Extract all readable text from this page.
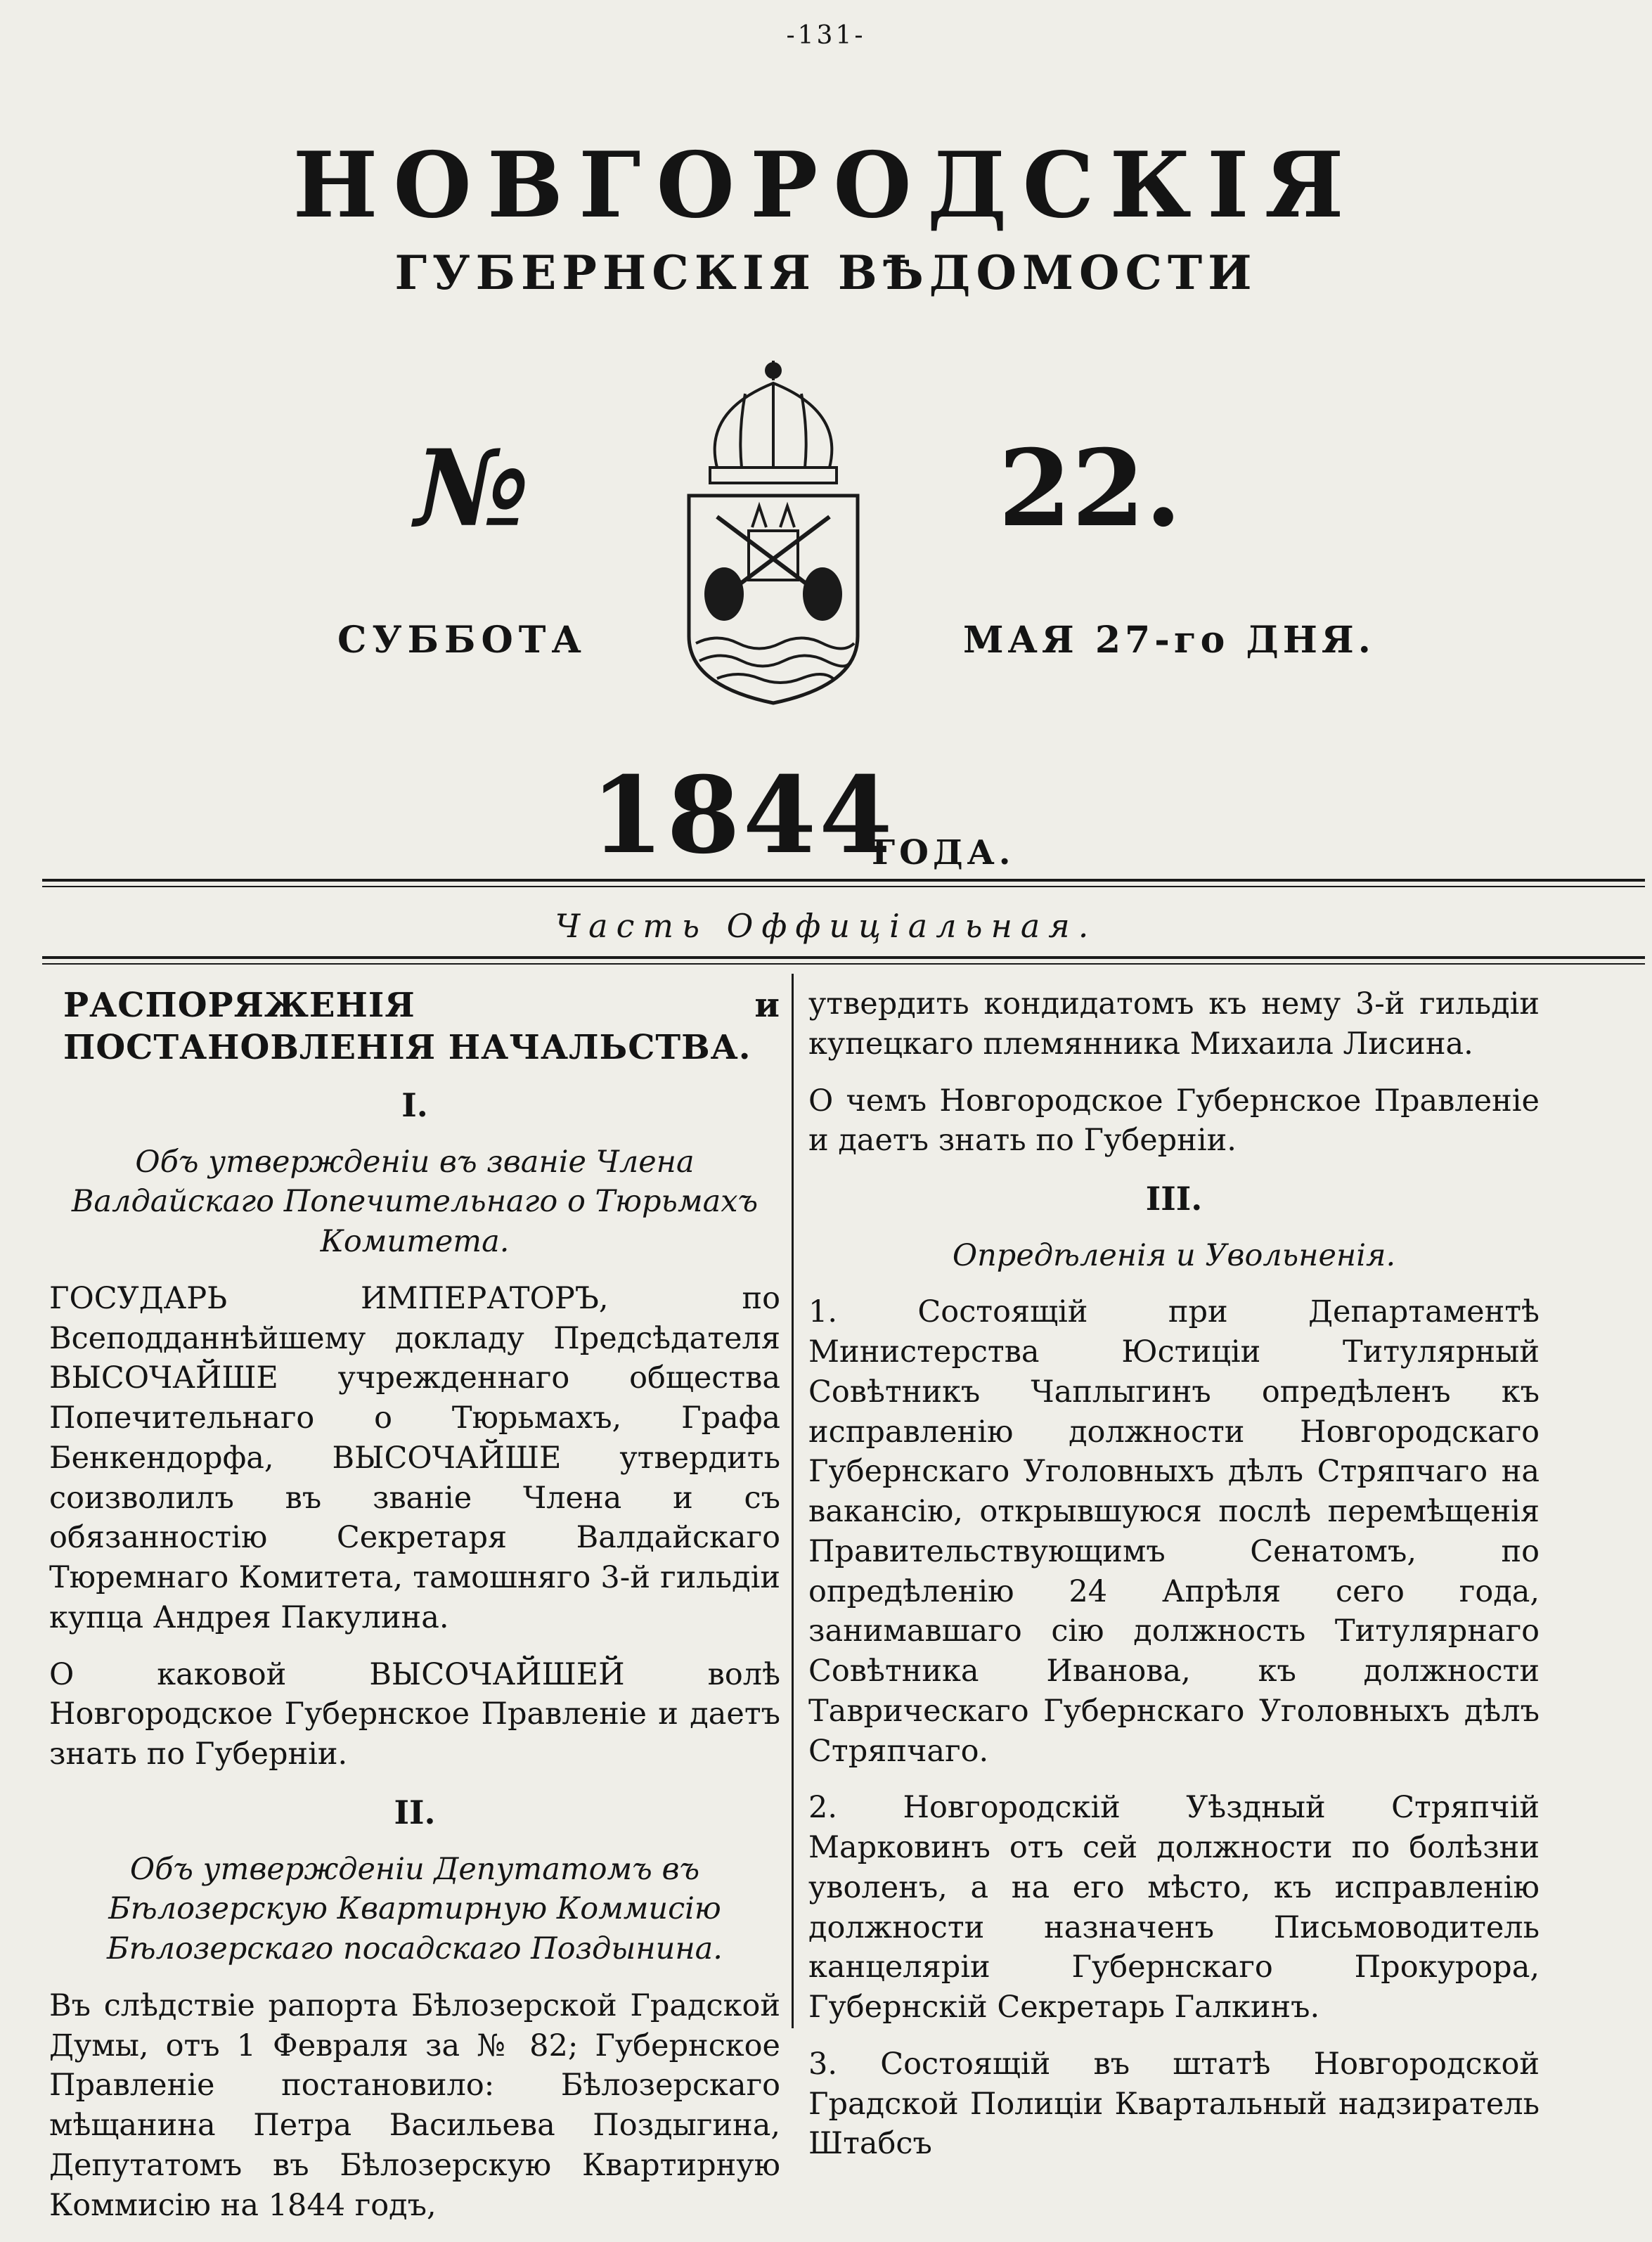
-131-
НОВГОРОДСКІЯ
ГУБЕРНСКІЯ ВѢДОМОСТИ
№	22.
СУББОТА	МАЯ 27-го ДНЯ.
1844
ГОДА.
Часть Оффиціальная.
РАСПОРЯЖЕНІЯ и ПОСТАНОВЛЕНІЯ НАЧАЛЬСТВА.
I.

Объ утвержденіи въ званіе Члена Валдайскаго Попечительнаго о Тюрьмахъ Комитета.

ГОСУДАРЬ ИМПЕРАТОРЪ, по Всеподданнѣйшему докладу Предсѣдателя ВЫСОЧАЙШЕ учрежденнаго общества Попечительнаго о Тюрьмахъ, Графа Бенкендорфа, ВЫСОЧАЙШЕ утвердить соизволилъ въ званіе Члена и съ обязанностію Секретаря Валдайскаго Тюремнаго Комитета, тамошняго 3-й гильдіи купца Андрея Пакулина.

О каковой ВЫСОЧАЙШЕЙ волѣ Новгородское Губернское Правленіе и даетъ знать по Губерніи.

II.

Объ утвержденіи Депутатомъ въ Бѣлозерскую Квартирную Коммисію Бѣлозерскаго посадскаго Поздынина.

Въ слѣдствіе рапорта Бѣлозерской Градской Думы, отъ 1 Февраля за № 82; Губернское Правленіе постановило: Бѣлозерскаго мѣщанина Петра Васильева Поздыгина, Депутатомъ въ Бѣлозерскую Квартирную Коммисію на 1844 годъ,

утвердить кондидатомъ къ нему 3-й гильдіи купецкаго племянника Михаила Лисина.

О чемъ Новгородское Губернское Правленіе и даетъ знать по Губерніи.

III.

Опредѣленія и Увольненія.

1. Состоящій при Департаментѣ Министерства Юстиціи Титулярный Совѣтникъ Чаплыгинъ опредѣленъ къ исправленію должности Новгородскаго Губернскаго Уголовныхъ дѣлъ Стряпчаго на вакансію, открывшуюся послѣ перемѣщенія Правительствующимъ Сенатомъ, по опредѣленію 24 Апрѣля сего года, занимавшаго сію должность Титулярнаго Совѣтника Иванова, къ должности Таврическаго Губернскаго Уголовныхъ дѣлъ Стряпчаго.

2. Новгородскій Уѣздный Стряпчій Марковинъ отъ сей должности по болѣзни уволенъ, а на его мѣсто, къ исправленію должности назначенъ Письмоводитель канцеляріи Губернскаго Прокурора, Губернскій Секретарь Галкинъ.

3. Состоящій въ штатѣ Новгородской Градской Полиціи Квартальный надзиратель Штабсъ
